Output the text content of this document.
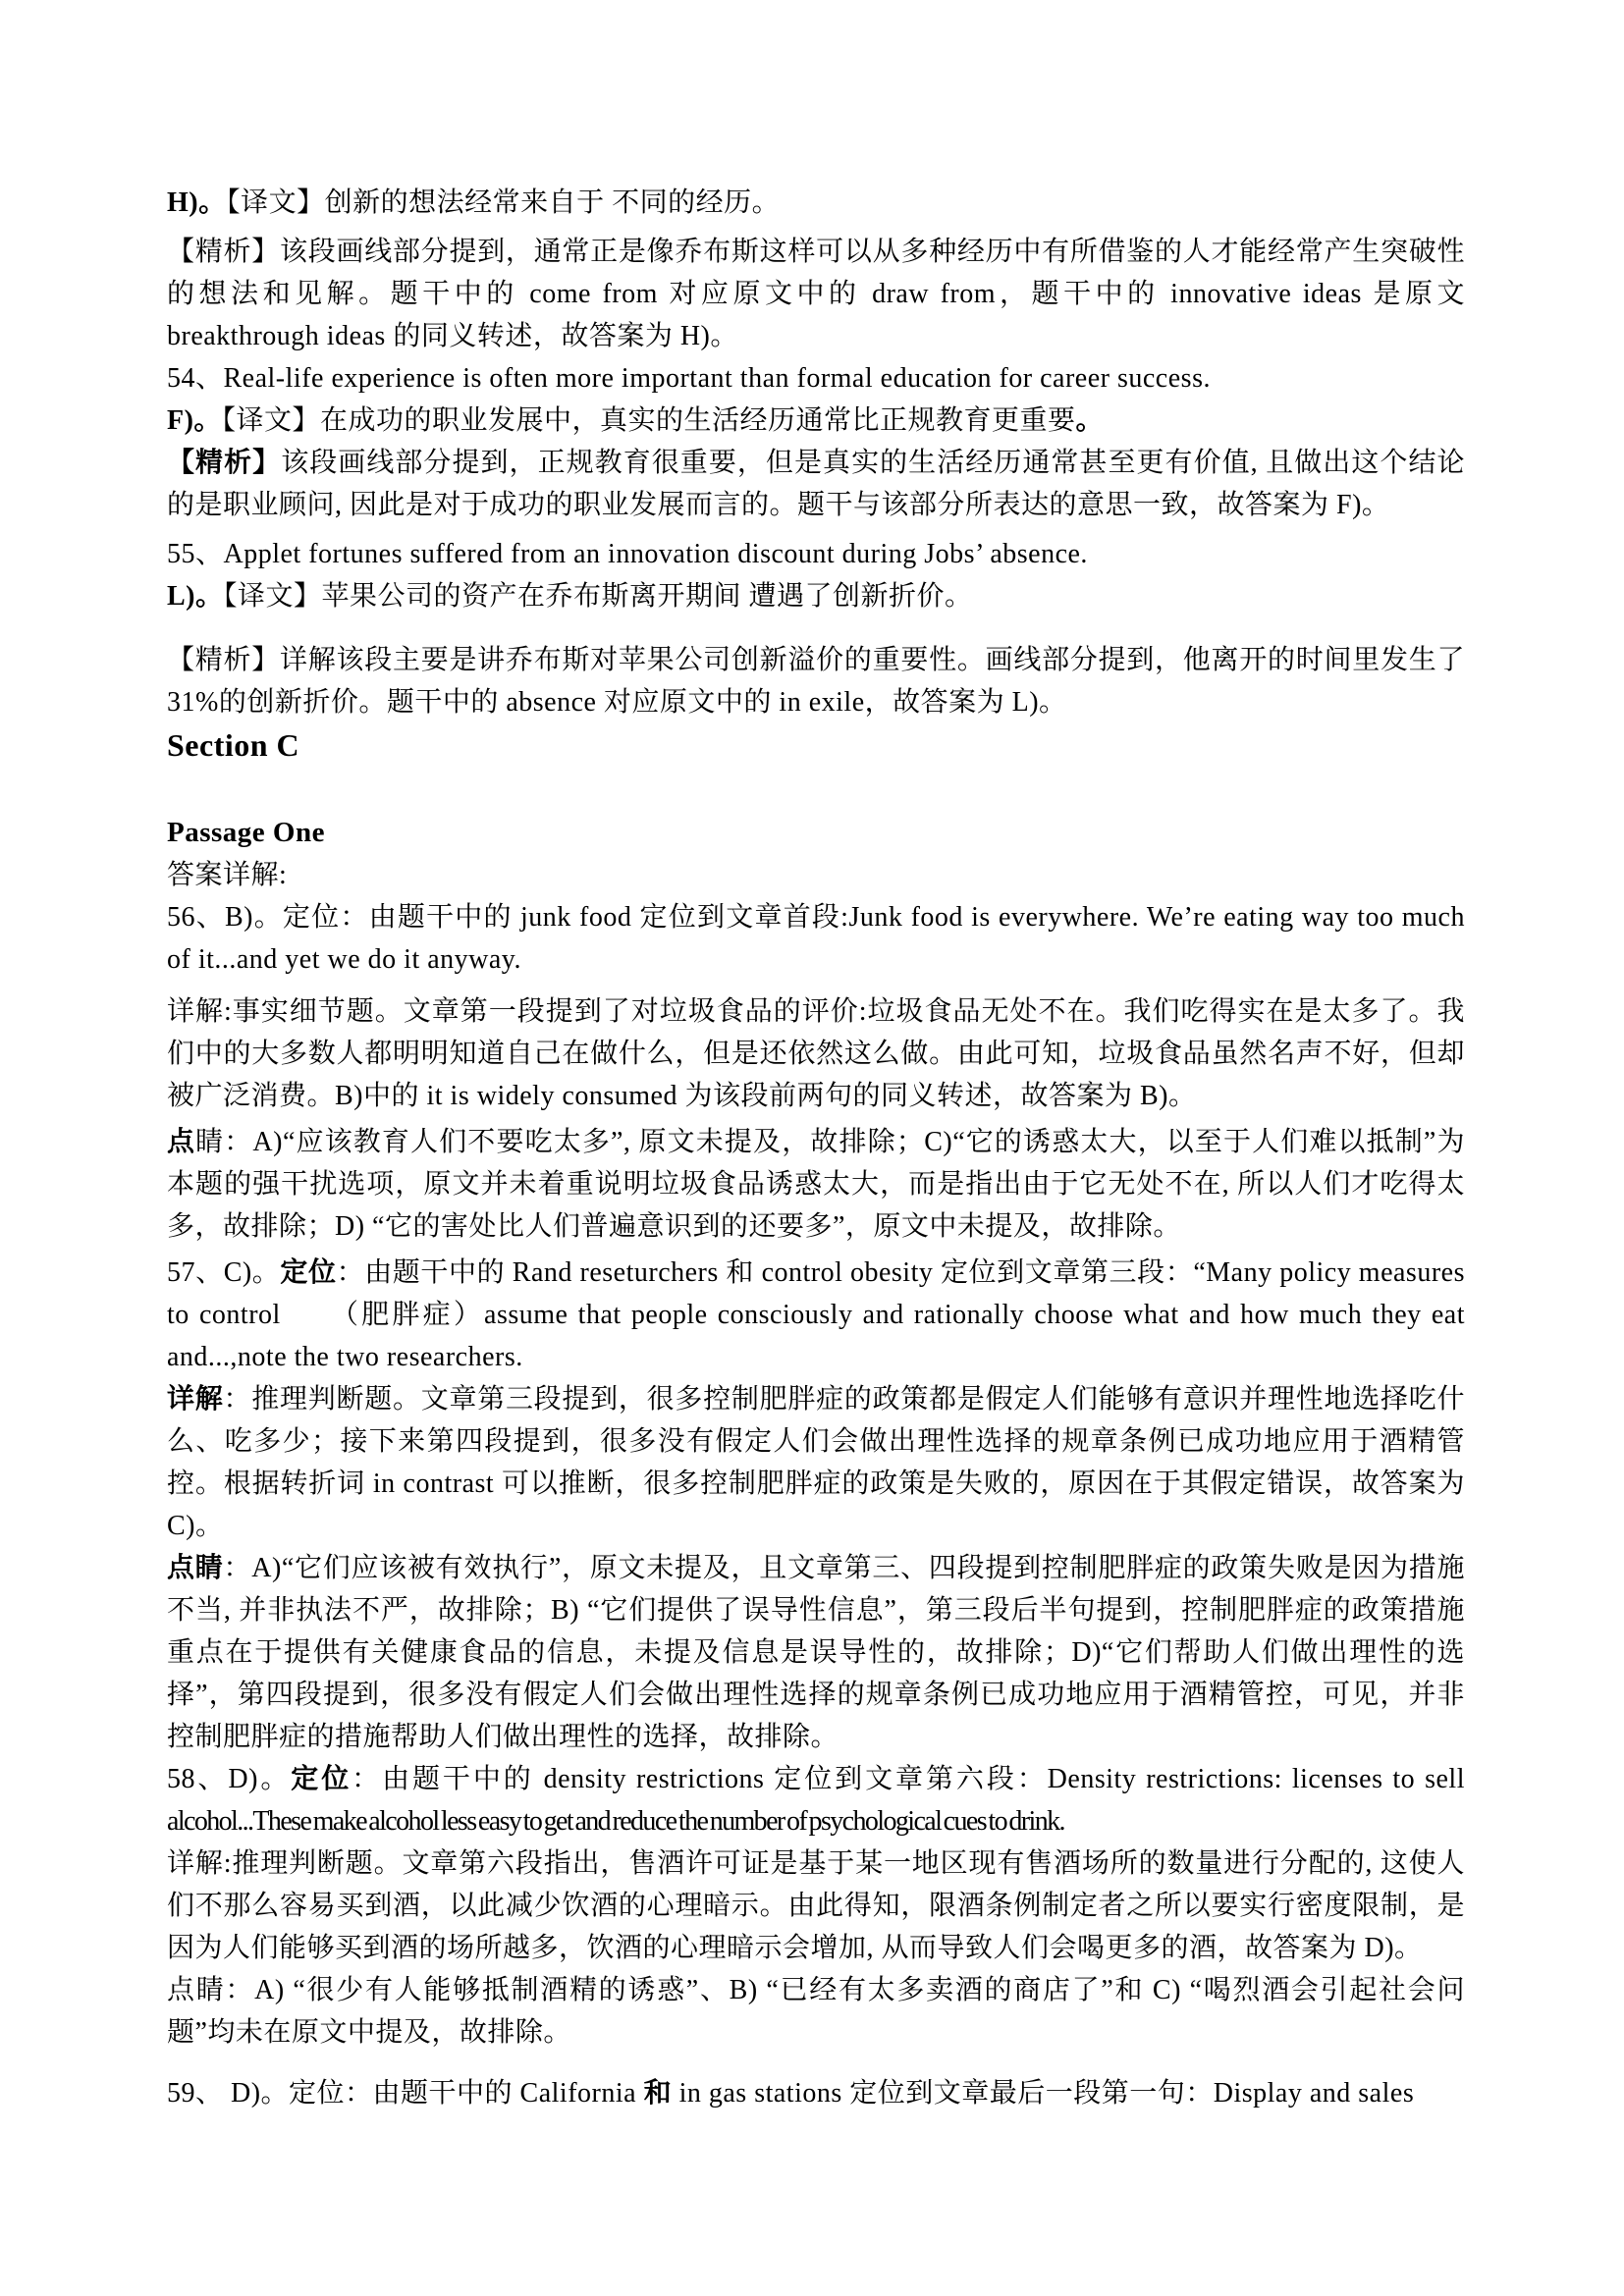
H)。【译文】创新的想法经常来自于 不同的经历。

【精析】该段画线部分提到，通常正是像乔布斯这样可以从多种经历中有所借鉴的人才能经常产生突破性的想法和见解。题干中的 come from 对应原文中的 draw from，题干中的 innovative ideas 是原文 breakthrough ideas 的同义转述，故答案为 H)。

54、Real-life experience is often more important than formal education for career success.

F)。【译文】在成功的职业发展中，真实的生活经历通常比正规教育更重要。

【精析】该段画线部分提到，正规教育很重要，但是真实的生活经历通常甚至更有价值, 且做出这个结论的是职业顾问, 因此是对于成功的职业发展而言的。题干与该部分所表达的意思一致，故答案为 F)。

55、Applet fortunes suffered from an innovation discount during Jobs’ absence.

L)。【译文】苹果公司的资产在乔布斯离开期间 遭遇了创新折价。

【精析】详解该段主要是讲乔布斯对苹果公司创新溢价的重要性。画线部分提到，他离开的时间里发生了31%的创新折价。题干中的 absence 对应原文中的 in exile，故答案为 L)。

Section C

Passage One

答案详解:

56、B)。定位：由题干中的 junk food 定位到文章首段:Junk food is everywhere. We’re eating way too much of it...and yet we do it anyway.

详解:事实细节题。文章第一段提到了对垃圾食品的评价:垃圾食品无处不在。我们吃得实在是太多了。我们中的大多数人都明明知道自己在做什么，但是还依然这么做。由此可知，垃圾食品虽然名声不好，但却被广泛消费。B)中的 it is widely consumed 为该段前两句的同义转述，故答案为 B)。

点睛：A)“应该教育人们不要吃太多”, 原文未提及，故排除；C)“它的诱惑太大，以至于人们难以抵制”为本题的强干扰选项，原文并未着重说明垃圾食品诱惑太大，而是指出由于它无处不在, 所以人们才吃得太多，故排除；D) “它的害处比人们普遍意识到的还要多”，原文中未提及，故排除。

57、C)。定位：由题干中的 Rand reseturchers 和 control obesity 定位到文章第三段：“Many policy measures to control　　（肥胖症）assume that people consciously and rationally choose what and how much they eat and...,note the two researchers.

详解：推理判断题。文章第三段提到，很多控制肥胖症的政策都是假定人们能够有意识并理性地选择吃什么、吃多少；接下来第四段提到，很多没有假定人们会做出理性选择的规章条例已成功地应用于酒精管控。根据转折词 in contrast 可以推断，很多控制肥胖症的政策是失败的，原因在于其假定错误，故答案为C)。

点睛：A)“它们应该被有效执行”，原文未提及，且文章第三、四段提到控制肥胖症的政策失败是因为措施不当, 并非执法不严，故排除；B) “它们提供了误导性信息”，第三段后半句提到，控制肥胖症的政策措施重点在于提供有关健康食品的信息，未提及信息是误导性的，故排除；D)“它们帮助人们做出理性的选择”，第四段提到，很多没有假定人们会做出理性选择的规章条例已成功地应用于酒精管控，可见，并非控制肥胖症的措施帮助人们做出理性的选择，故排除。

58、D)。定位：由题干中的 density restrictions 定位到文章第六段：Density restrictions: licenses to sell alcohol...These make alcohol less easy to get and reduce the number of psychological cues to drink.

详解:推理判断题。文章第六段指出，售酒许可证是基于某一地区现有售酒场所的数量进行分配的, 这使人们不那么容易买到酒，以此减少饮酒的心理暗示。由此得知，限酒条例制定者之所以要实行密度限制，是因为人们能够买到酒的场所越多，饮酒的心理暗示会增加, 从而导致人们会喝更多的酒，故答案为 D)。

点睛：A) “很少有人能够抵制酒精的诱惑”、B) “已经有太多卖酒的商店了”和 C) “喝烈酒会引起社会问题”均未在原文中提及，故排除。

59、 D)。定位：由题干中的 California 和 in gas stations 定位到文章最后一段第一句：Display and sales
